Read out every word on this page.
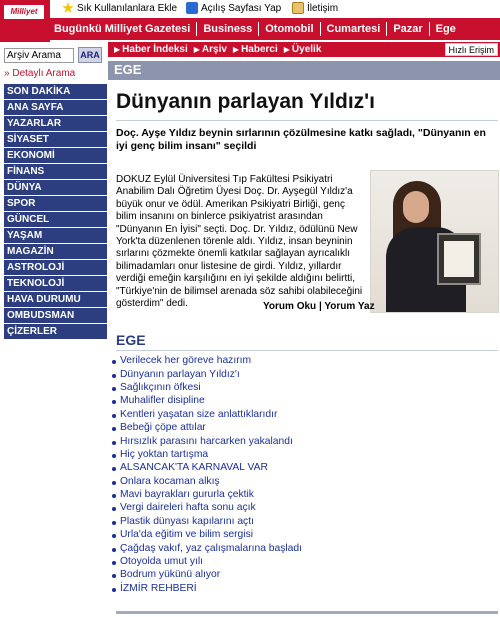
Sık Kullanılanlara Ekle Açılış Sayfası Yap	İletişim
Milliyet
Bugünkü Milliyet Gazetesi	Business	Otomobil	Cumartesi	Pazar	Ege
Arşiv Arama
ARA
» Detaylı Arama
▶ Haber İndeksi ▶ Arşiv ▶ Haberci ▶ Üyelik	Hızlı Erişim
EGE
SON DAKİKA
ANA SAYFA
YAZARLAR
SİYASET
EKONOMİ
FİNANS
DÜNYA
SPOR
GÜNCEL
YAŞAM
MAGAZİN
ASTROLOJİ
TEKNOLOJİ
HAVA DURUMU
OMBUDSMAN
ÇİZERLER
Dünyanın parlayan Yıldız'ı

Doç. Ayşe Yıldız beynin sırlarının çözülmesine katkı sağladı, "Dünyanın en iyi genç bilim insanı" seçildi

DOKUZ Eylül Üniversitesi Tıp Fakültesi Psikiyatri Anabilim Dalı Öğretim Üyesi Doç. Dr. Ayşegül Yıldız'a büyük onur ve ödül. Amerikan Psikiyatri Birliği, genç bilim insanını on binlerce psikiyatrist arasından "Dünyanın En İyisi" seçti. Doç. Dr. Yıldız, ödülünü New York'ta düzenlenen törenle aldı. Yıldız, insan beyninin sırlarını çözmekte önemli katkılar sağlayan ayrıcalıklı bilimadamları onur listesine de girdi. Yıldız, yıllardır verdiği emeğin karşılığını en iyi şekilde aldığını belirtti, "Türkiye'nin de bilimsel arenada söz sahibi olabileceğini gösterdim" dedi.	Yorum Oku | Yorum Yaz
EGE
Verilecek her göreve hazırım
Dünyanın parlayan Yıldız'ı
Sağlıkçının öfkesi
Muhalifler disipline
Kentleri yaşatan size anlattıklarıdır
Bebeği çöpe attılar
Hırsızlık parasını harcarken yakalandı
Hiç yoktan tartışma
ALSANCAK'TA KARNAVAL VAR
Onlara kocaman alkış
Mavi bayrakları gururla çektik
Vergi daireleri hafta sonu açık
Plastik dünyası kapılarını açtı
Urla'da eğitim ve bilim sergisi
Çağdaş vakıf, yaz çalışmalarına başladı
Otoyolda umut yılı
Bodrum yükünü alıyor
İZMİR REHBERİ
